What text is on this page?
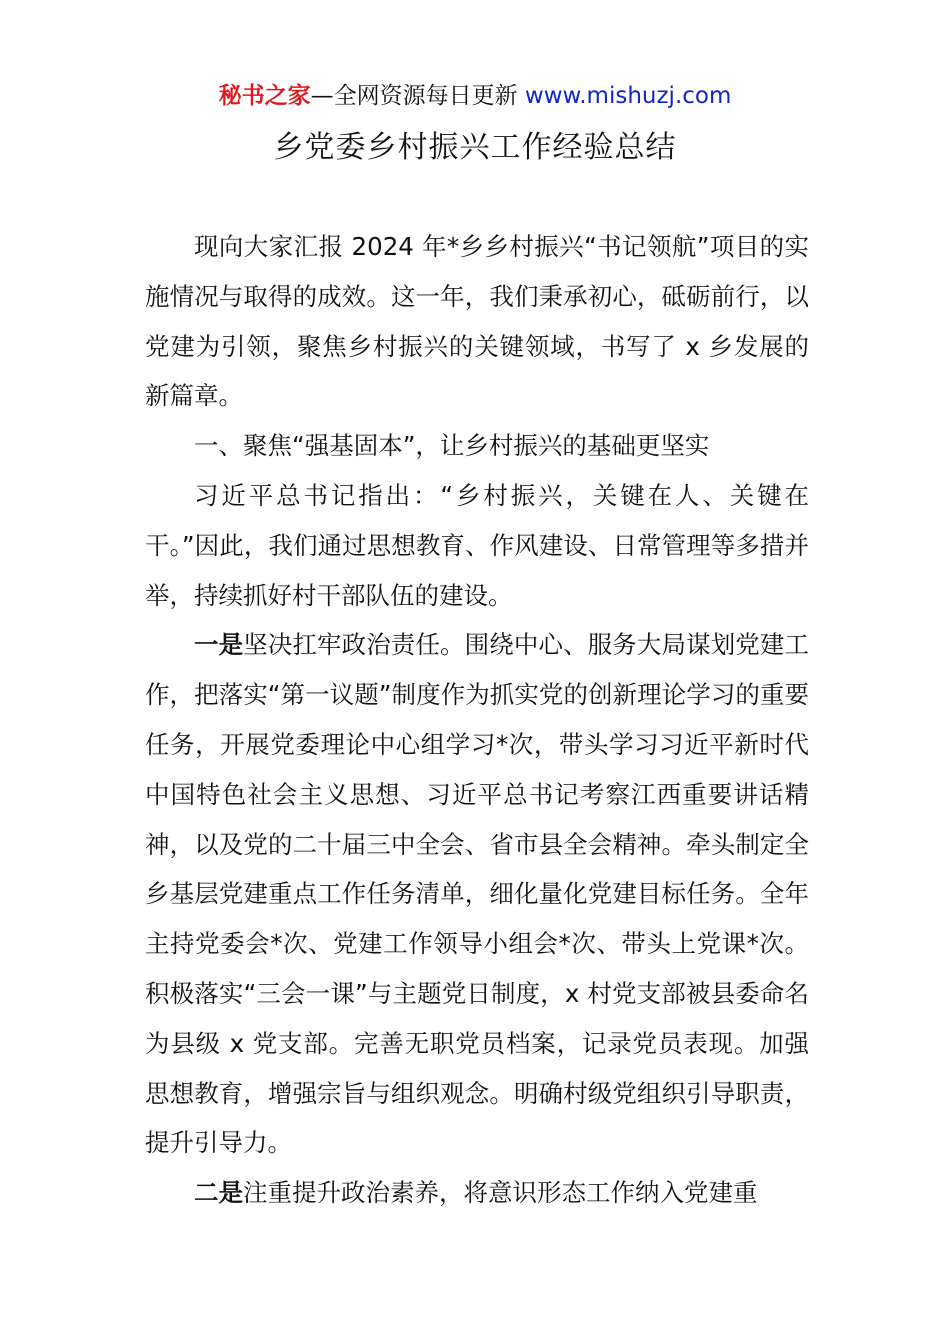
秘书之家—全网资源每日更新 www.mishuzj.com
乡党委乡村振兴工作经验总结

现向大家汇报 2024 年*乡乡村振兴“书记领航”项目的实施情况与取得的成效。这一年，我们秉承初心，砥砺前行，以党建为引领，聚焦乡村振兴的关键领域，书写了 x 乡发展的新篇章。

一、聚焦“强基固本”，让乡村振兴的基础更坚实

习近平总书记指出：“乡村振兴，关键在人、关键在干。”因此，我们通过思想教育、作风建设、日常管理等多措并举，持续抓好村干部队伍的建设。

一是坚决扛牢政治责任。围绕中心、服务大局谋划党建工作，把落实“第一议题”制度作为抓实党的创新理论学习的重要任务，开展党委理论中心组学习*次，带头学习习近平新时代中国特色社会主义思想、习近平总书记考察江西重要讲话精神，以及党的二十届三中全会、省市县全会精神。牵头制定全乡基层党建重点工作任务清单，细化量化党建目标任务。全年主持党委会*次、党建工作领导小组会*次、带头上党课*次。积极落实“三会一课”与主题党日制度，x 村党支部被县委命名为县级 x 党支部。完善无职党员档案，记录党员表现。加强思想教育，增强宗旨与组织观念。明确村级党组织引导职责，提升引导力。

二是注重提升政治素养，将意识形态工作纳入党建重
